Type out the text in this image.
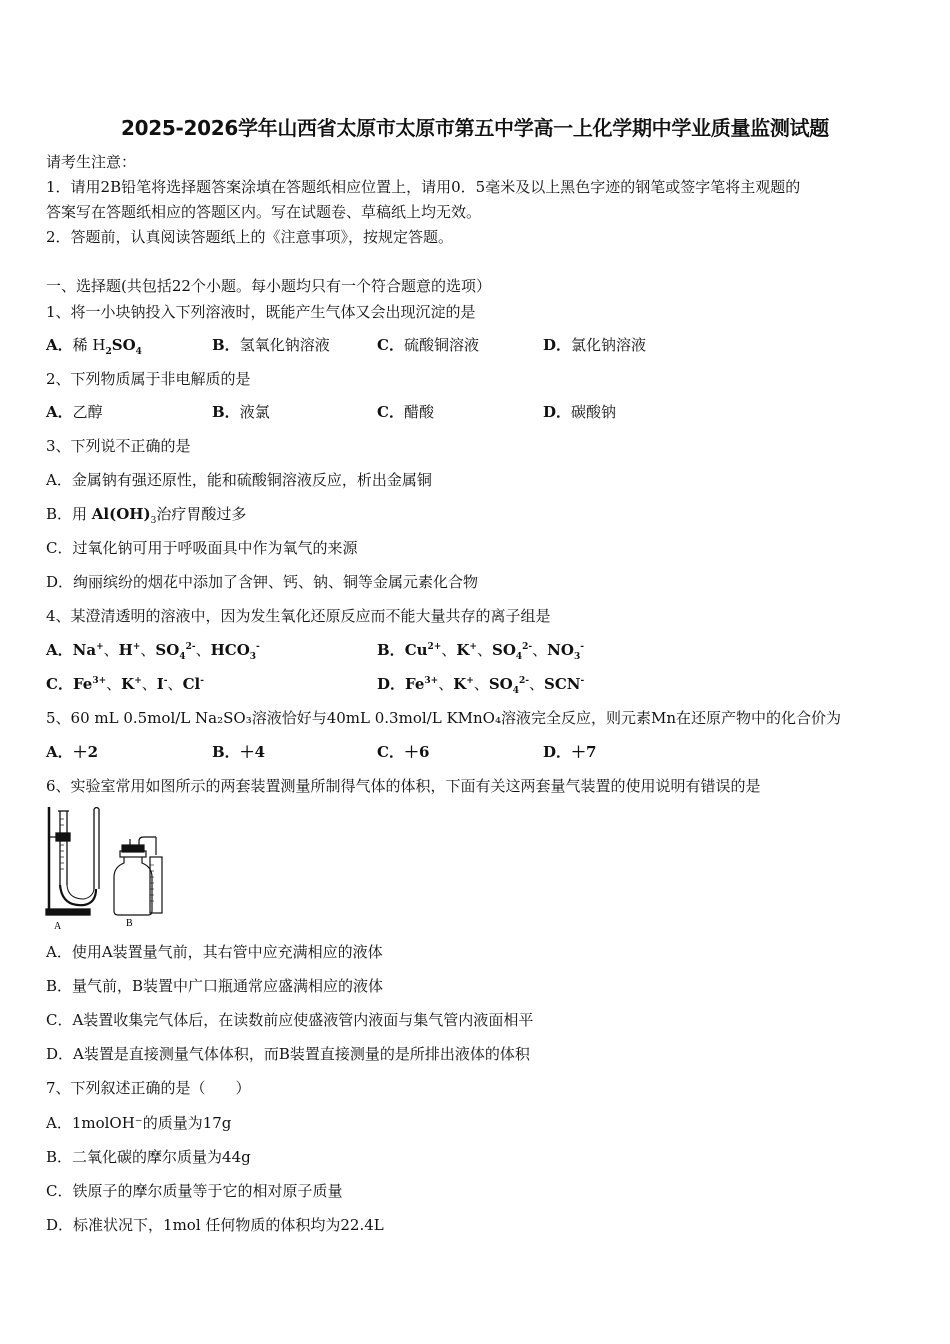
2025-2026学年山西省太原市太原市第五中学高一上化学期中学业质量监测试题
请考生注意：
1．请用2B铅笔将选择题答案涂填在答题纸相应位置上，请用0．5毫米及以上黑色字迹的钢笔或签字笔将主观题的
答案写在答题纸相应的答题区内。写在试题卷、草稿纸上均无效。
2．答题前，认真阅读答题纸上的《注意事项》，按规定答题。
一、选择题(共包括22个小题。每小题均只有一个符合题意的选项）
1、将一小块钠投入下列溶液时，既能产生气体又会出现沉淀的是
A．稀 $H_2SO_4$	B．氢氧化钠溶液	C．硫酸铜溶液	D．氯化钠溶液
2、下列物质属于非电解质的是
A．乙醇	B．液氯	C．醋酸	D．碳酸钠
3、下列说不正确的是
A．金属钠有强还原性，能和硫酸铜溶液反应，析出金属铜
B．用 $Al(OH)_3$治疗胃酸过多
C．过氧化钠可用于呼吸面具中作为氧气的来源
D．绚丽缤纷的烟花中添加了含钾、钙、钠、铜等金属元素化合物
4、某澄清透明的溶液中，因为发生氧化还原反应而不能大量共存的离子组是
A．Na+、H+、$SO_4^{2-}$、$HCO_3^-$	B．$Cu^{2+}$、K+、$SO_4^{2-}$、$NO_3^-$
C．$Fe^{3+}$、K+、I-、Cl-	D．$Fe^{3+}$、K+、$SO_4^{2-}$、SCN-
5、60 mL 0.5mol/L Na₂SO₃溶液恰好与40mL 0.3mol/L KMnO₄溶液完全反应，则元素Mn在还原产物中的化合价为
A．＋2	B．＋4	C．＋6	D．＋7
6、实验室常用如图所示的两套装置测量所制得气体的体积，下面有关这两套量气装置的使用说明有错误的是
A	B
A．使用A装置量气前，其右管中应充满相应的液体
B．量气前，B装置中广口瓶通常应盛满相应的液体
C．A装置收集完气体后，在读数前应使盛液管内液面与集气管内液面相平
D．A装置是直接测量气体体积，而B装置直接测量的是所排出液体的体积
7、下列叙述正确的是（　　）
A．1molOH⁻的质量为17g
B．二氧化碳的摩尔质量为44g
C．铁原子的摩尔质量等于它的相对原子质量
D．标准状况下，1mol 任何物质的体积均为22.4L
